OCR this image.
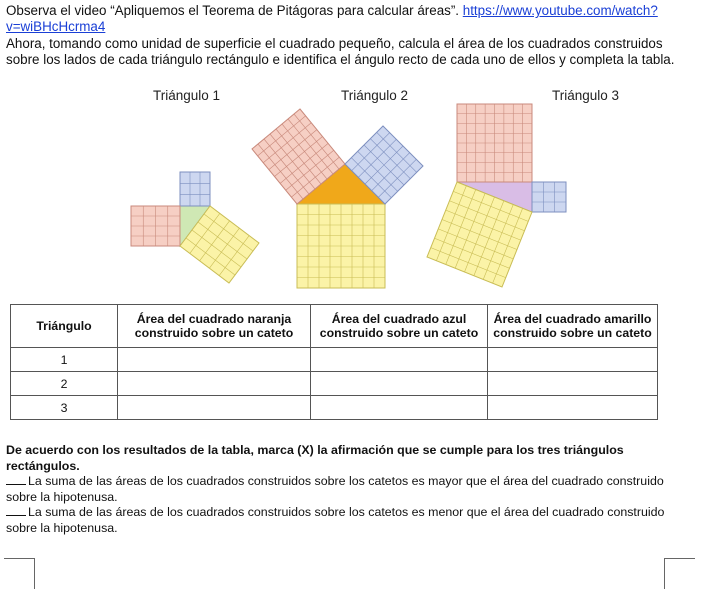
Observa el video “Apliquemos el Teorema de Pitágoras para calcular áreas”. https://www.youtube.com/watch?v=wiBHcHcrma4

Ahora, tomando como unidad de superficie el cuadrado pequeño, calcula el área de los cuadrados construidos sobre los lados de cada triángulo rectángulo e identifica el ángulo recto de cada uno de ellos y completa la tabla.

Triángulo 1	Triángulo 2	Triángulo 3
Triángulo	Área del cuadrado naranja construido sobre un cateto	Área del cuadrado azul construido sobre un cateto	Área del cuadrado amarillo construido sobre un cateto
1			
2			
3			

De acuerdo con los resultados de la tabla, marca (X) la afirmación que se cumple para los tres triángulos rectángulos.

La suma de las áreas de los cuadrados construidos sobre los catetos es mayor que el área del cuadrado construido sobre la hipotenusa.

La suma de las áreas de los cuadrados construidos sobre los catetos es menor que el área del cuadrado construido sobre la hipotenusa.
